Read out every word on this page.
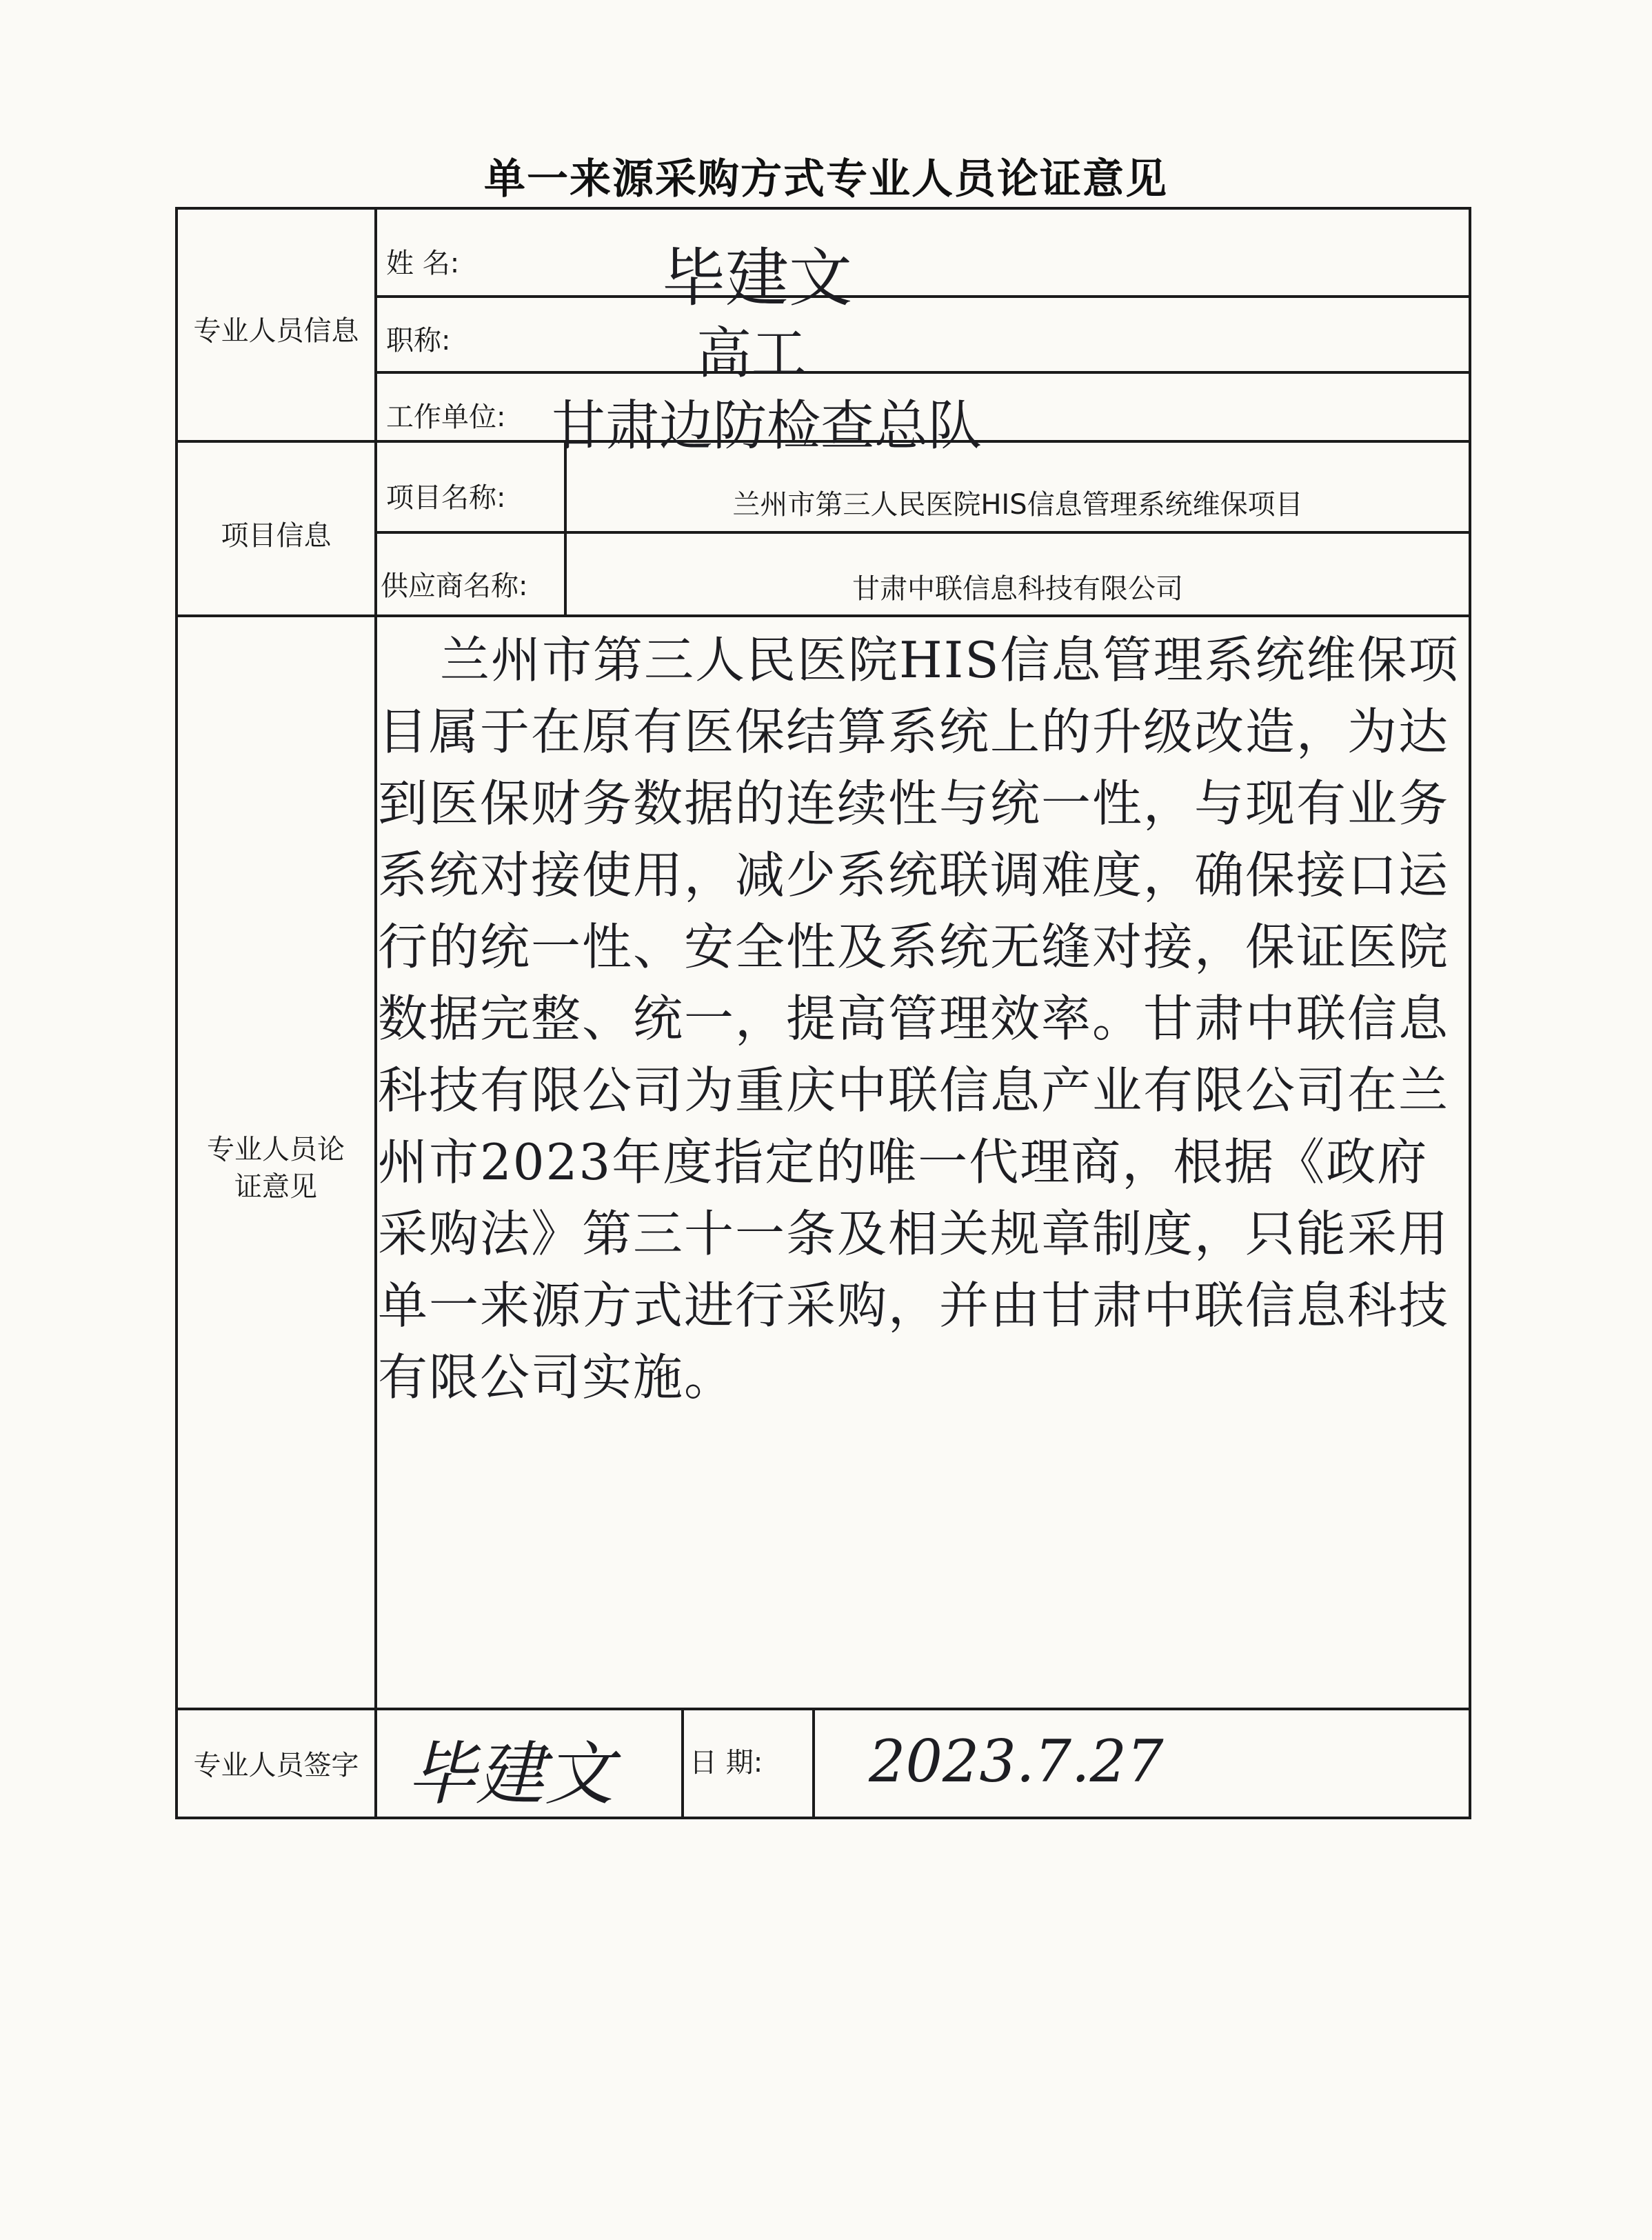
单一来源采购方式专业人员论证意见
专业人员信息
姓 名:	毕建文
职称:	高工
工作单位: 甘肃边防检查总队
项目信息
项目名称:	兰州市第三人民医院HIS信息管理系统维保项目
供应商名称:	甘肃中联信息科技有限公司
专业人员论证意见
兰州市第三人民医院HIS信息管理系统维保项目属于在原有医保结算系统上的升级改造，为达到医保财务数据的连续性与统一性，与现有业务系统对接使用，减少系统联调难度，确保接口运行的统一性、安全性及系统无缝对接，保证医院数据完整、统一，提高管理效率。甘肃中联信息科技有限公司为重庆中联信息产业有限公司在兰州市2023年度指定的唯一代理商，根据《政府采购法》第三十一条及相关规章制度，只能采用单一来源方式进行采购，并由甘肃中联信息科技有限公司实施。
专业人员签字 毕建文	日 期: 2023.7.27
